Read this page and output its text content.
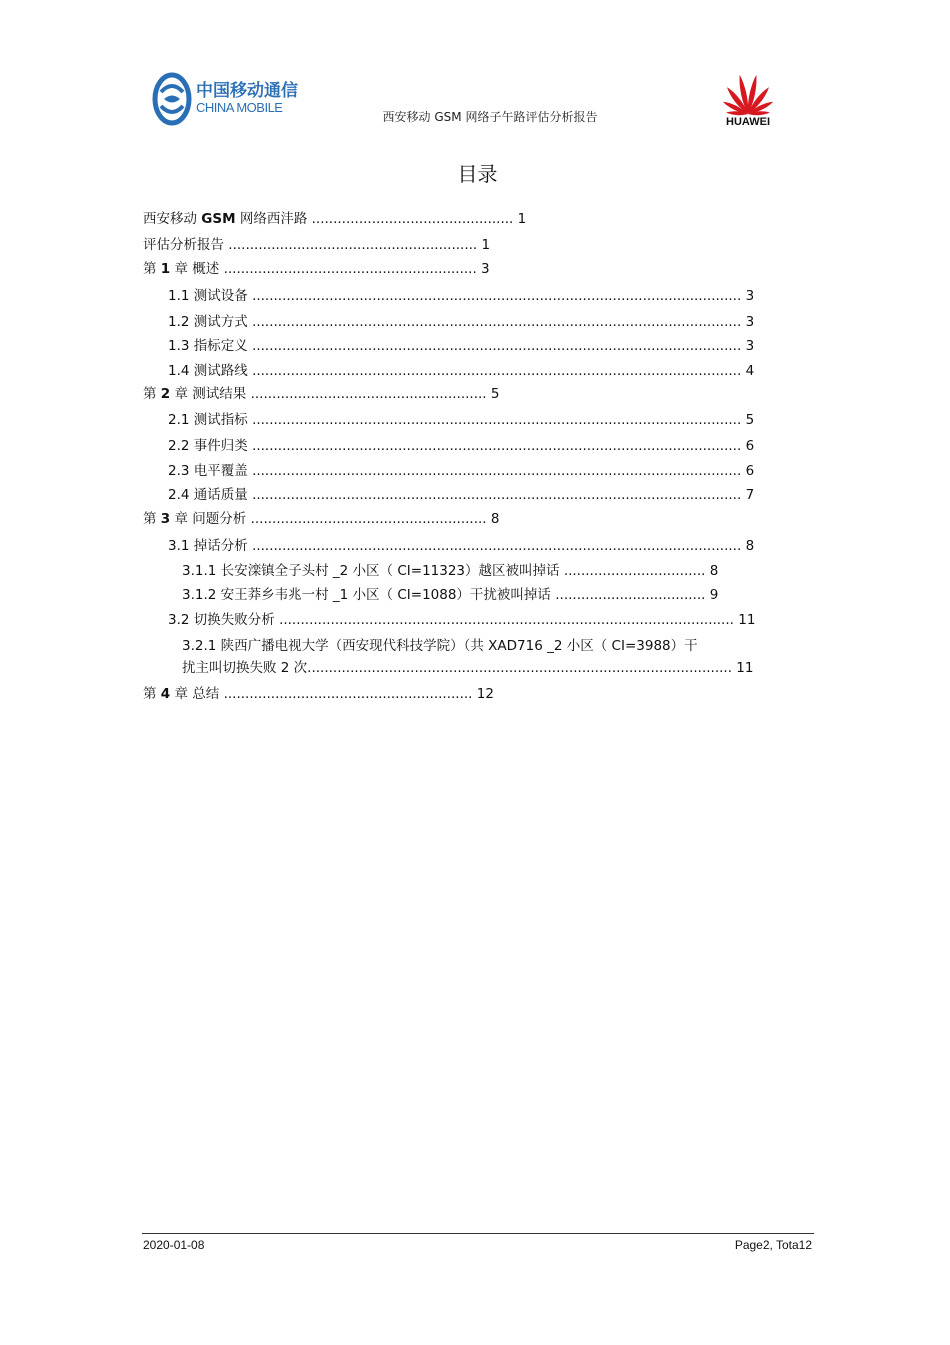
中国移动通信
CHINA MOBILE
西安移动 GSM 网络子午路评估分析报告	HUAWEI
目录
西安移动 GSM 网络西沣路 ............................................... 1
评估分析报告 .......................................................... 1
第 1 章 概述 ........................................................... 3
1.1 测试设备 .................................................................................................................. 3
1.2 测试方式 .................................................................................................................. 3
1.3 指标定义 .................................................................................................................. 3
1.4 测试路线 .................................................................................................................. 4
第 2 章 测试结果 ....................................................... 5
2.1 测试指标 .................................................................................................................. 5
2.2 事件归类 .................................................................................................................. 6
2.3 电平覆盖 .................................................................................................................. 6
2.4 通话质量 .................................................................................................................. 7
第 3 章 问题分析 ....................................................... 8
3.1 掉话分析 .................................................................................................................. 8
3.1.1 长安滦镇全子头村 _2 小区（ CI=11323）越区被叫掉话 ................................. 8
3.1.2 安王莽乡韦兆一村 _1 小区（ CI=1088）干扰被叫掉话 ................................... 9
3.2 切换失败分析 .......................................................................................................... 11
3.2.1 陕西广播电视大学（西安现代科技学院）（共 XAD716 _2 小区（ CI=3988）干
扰主叫切换失败 2 次................................................................................................... 11
第 4 章 总结 .......................................................... 12
2020-01-08	Page2, Tota12
